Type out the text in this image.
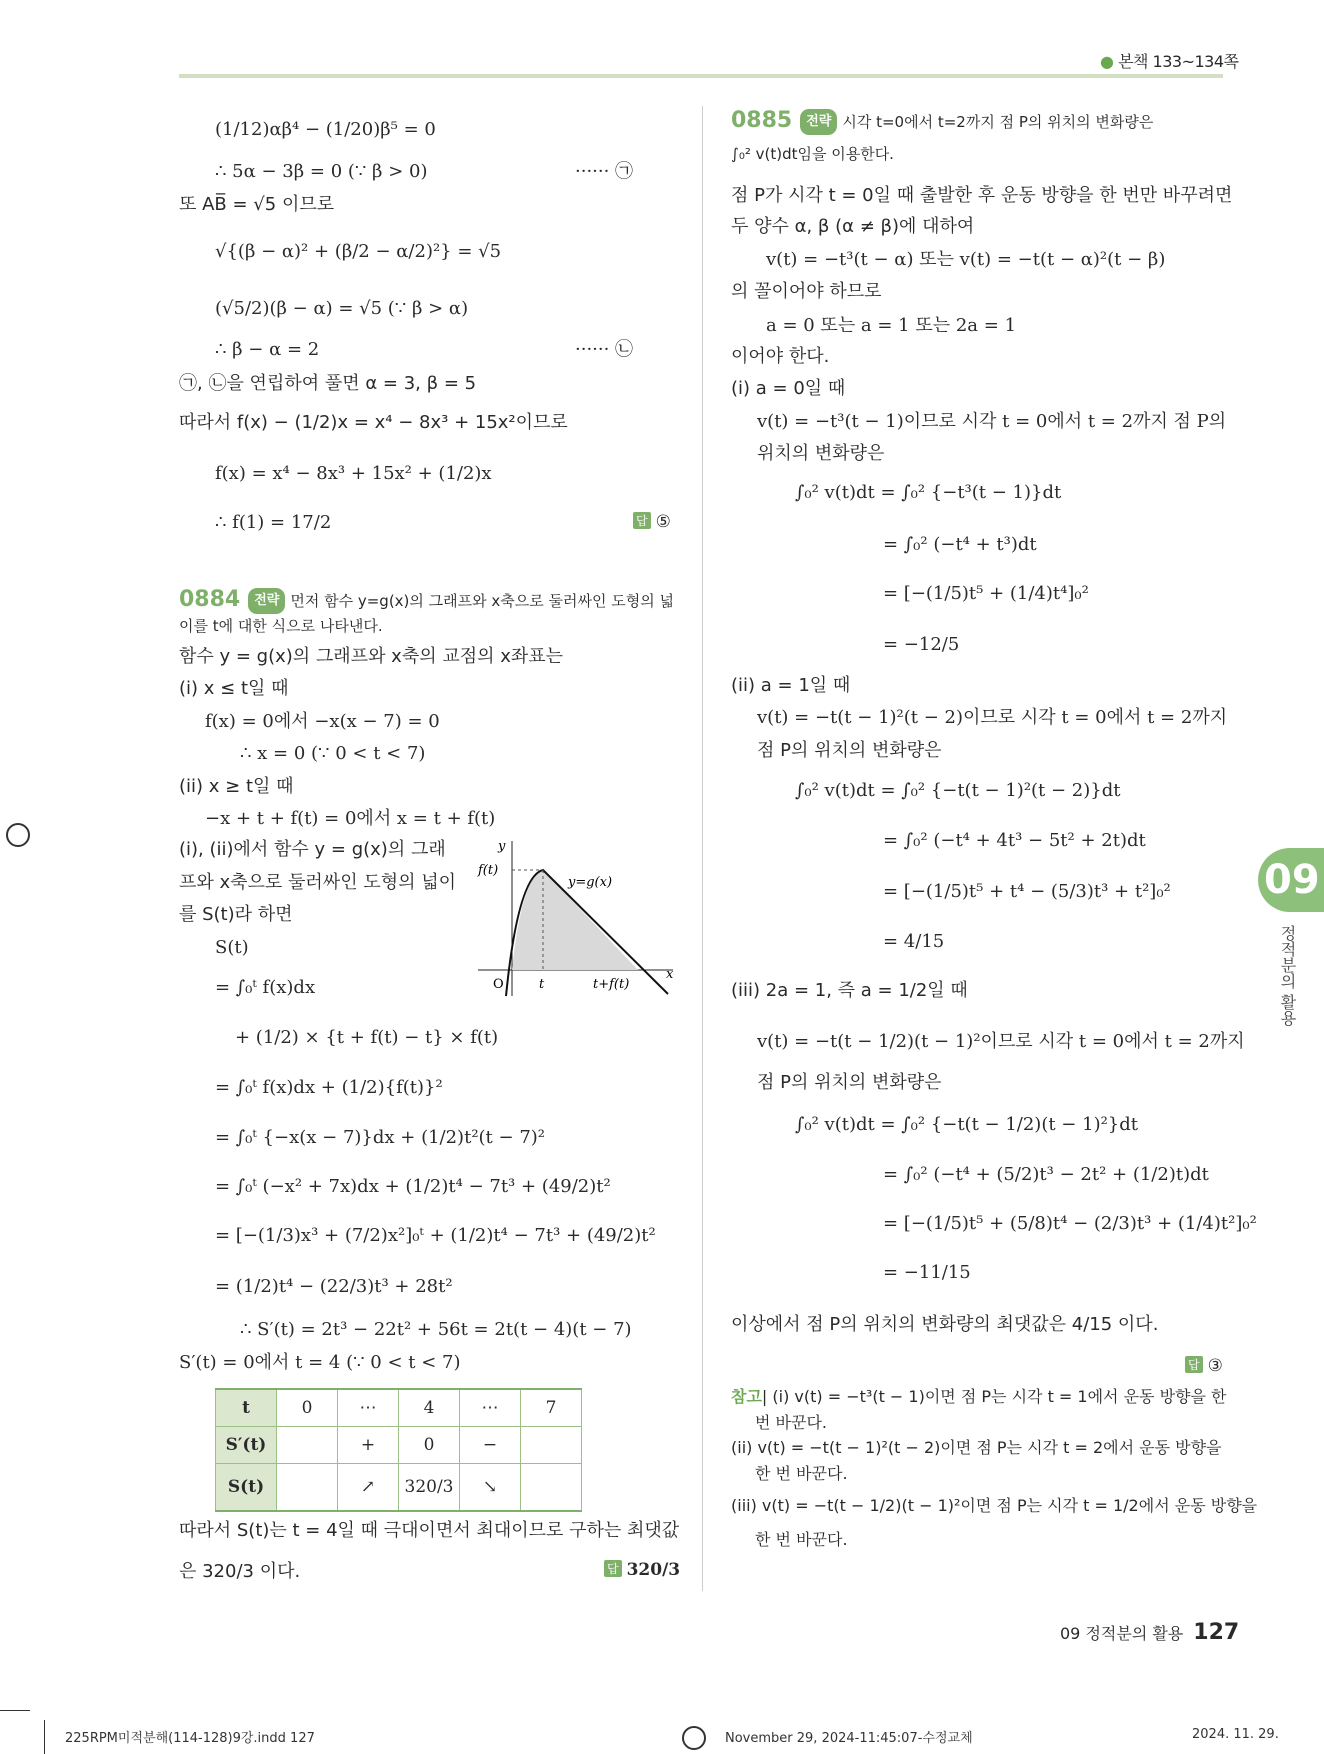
● 본책 133~134쪽
(1/12)αβ⁴ − (1/20)β⁵ = 0
∴ 5α − 3β = 0 (∵ β > 0)	······ ㉠
또 AB̅ = √5 이므로
√{(β − α)² + (β/2 − α/2)²} = √5
(√5/2)(β − α) = √5 (∵ β > α)
∴ β − α = 2	······ ㉡
㉠, ㉡을 연립하여 풀면 α = 3, β = 5
따라서 f(x) − (1/2)x = x⁴ − 8x³ + 15x²이므로
f(x) = x⁴ − 8x³ + 15x² + (1/2)x
∴ f(1) = 17/2	답 ⑤
0884 전략 먼저 함수 y=g(x)의 그래프와 x축으로 둘러싸인 도형의 넓
이를 t에 대한 식으로 나타낸다.
함수 y = g(x)의 그래프와 x축의 교점의 x좌표는
(i) x ≤ t일 때
f(x) = 0에서 −x(x − 7) = 0
∴ x = 0 (∵ 0 < t < 7)
(ii) x ≥ t일 때
−x + t + f(t) = 0에서 x = t + f(t)
(i), (ii)에서 함수 y = g(x)의 그래
프와 x축으로 둘러싸인 도형의 넓이
를 S(t)라 하면
S(t)
= ∫₀ᵗ f(x)dx
+ (1/2) × {t + f(t) − t} × f(t)
= ∫₀ᵗ f(x)dx + (1/2){f(t)}²
= ∫₀ᵗ {−x(x − 7)}dx + (1/2)t²(t − 7)²
= ∫₀ᵗ (−x² + 7x)dx + (1/2)t⁴ − 7t³ + (49/2)t²
= [−(1/3)x³ + (7/2)x²]₀ᵗ + (1/2)t⁴ − 7t³ + (49/2)t²
= (1/2)t⁴ − (22/3)t³ + 28t²
∴ S′(t) = 2t³ − 22t² + 56t = 2t(t − 4)(t − 7)
S′(t) = 0에서 t = 4 (∵ 0 < t < 7)
y
x
O
f(t)
t	t+f(t)
y=g(x)
t	0	⋯	4	⋯	7
S′(t)		+	0	−	
S(t)		↗	320/3	↘	
따라서 S(t)는 t = 4일 때 극대이면서 최대이므로 구하는 최댓값
은 320/3 이다.	답 320/3
0885 전략 시각 t=0에서 t=2까지 점 P의 위치의 변화량은
∫₀² v(t)dt임을 이용한다.
점 P가 시각 t = 0일 때 출발한 후 운동 방향을 한 번만 바꾸려면
두 양수 α, β (α ≠ β)에 대하여
v(t) = −t³(t − α) 또는 v(t) = −t(t − α)²(t − β)
의 꼴이어야 하므로
a = 0 또는 a = 1 또는 2a = 1
이어야 한다.
(i) a = 0일 때
v(t) = −t³(t − 1)이므로 시각 t = 0에서 t = 2까지 점 P의
위치의 변화량은
∫₀² v(t)dt = ∫₀² {−t³(t − 1)}dt
= ∫₀² (−t⁴ + t³)dt
= [−(1/5)t⁵ + (1/4)t⁴]₀²
= −12/5
(ii) a = 1일 때
v(t) = −t(t − 1)²(t − 2)이므로 시각 t = 0에서 t = 2까지
점 P의 위치의 변화량은
∫₀² v(t)dt = ∫₀² {−t(t − 1)²(t − 2)}dt
= ∫₀² (−t⁴ + 4t³ − 5t² + 2t)dt
= [−(1/5)t⁵ + t⁴ − (5/3)t³ + t²]₀²
= 4/15
(iii) 2a = 1, 즉 a = 1/2일 때
v(t) = −t(t − 1/2)(t − 1)²이므로 시각 t = 0에서 t = 2까지
점 P의 위치의 변화량은
∫₀² v(t)dt = ∫₀² {−t(t − 1/2)(t − 1)²}dt
= ∫₀² (−t⁴ + (5/2)t³ − 2t² + (1/2)t)dt
= [−(1/5)t⁵ + (5/8)t⁴ − (2/3)t³ + (1/4)t²]₀²
= −11/15
이상에서 점 P의 위치의 변화량의 최댓값은 4/15 이다.
답 ③
참고| (i) v(t) = −t³(t − 1)이면 점 P는 시각 t = 1에서 운동 방향을 한
번 바꾼다.
(ii) v(t) = −t(t − 1)²(t − 2)이면 점 P는 시각 t = 2에서 운동 방향을
한 번 바꾼다.
(iii) v(t) = −t(t − 1/2)(t − 1)²이면 점 P는 시각 t = 1/2에서 운동 방향을
한 번 바꾼다.
09
정적분의 활용
09 정적분의 활용 127
225RPM미적분해(114-128)9강.indd 127	November 29, 2024-11:45:07-수정교체	2024. 11. 29.
